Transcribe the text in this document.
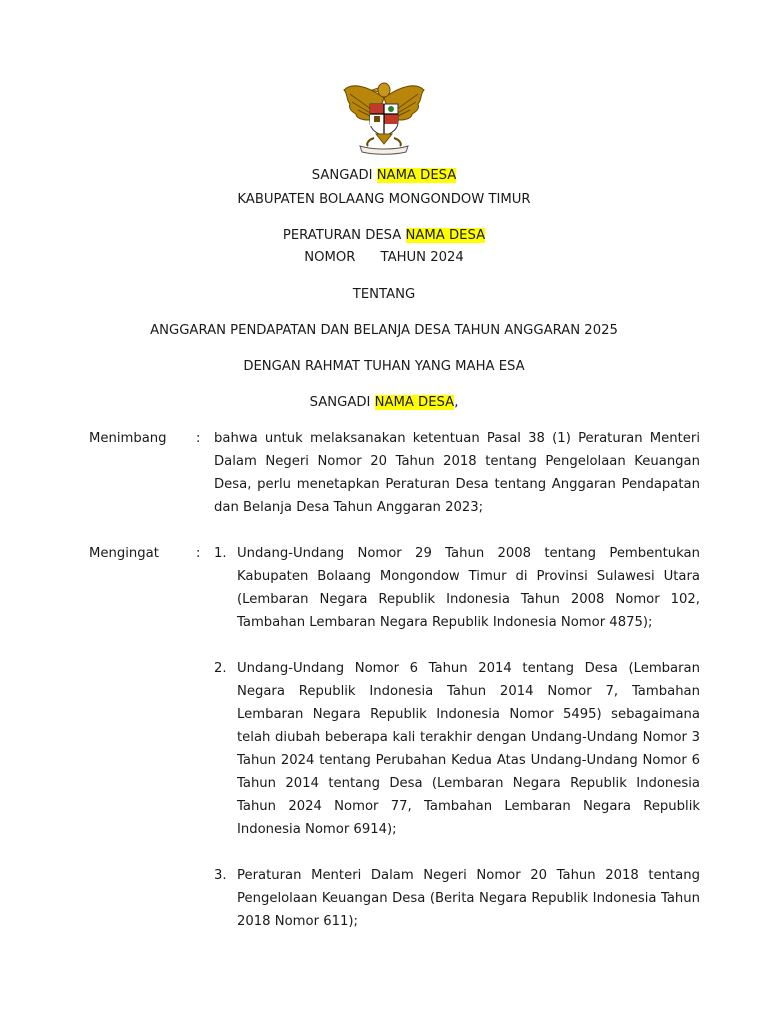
SANGADI NAMA DESA
KABUPATEN BOLAANG MONGONDOW TIMUR
PERATURAN DESA NAMA DESA
NOMOR      TAHUN 2024
TENTANG
ANGGARAN PENDAPATAN DAN BELANJA DESA TAHUN ANGGARAN 2025
DENGAN RAHMAT TUHAN YANG MAHA ESA
SANGADI NAMA DESA,
Menimbang : bahwa untuk melaksanakan ketentuan Pasal 38 (1) Peraturan Menteri Dalam Negeri Nomor 20 Tahun 2018 tentang Pengelolaan Keuangan Desa, perlu menetapkan Peraturan Desa tentang Anggaran Pendapatan dan Belanja Desa Tahun Anggaran 2023;
Mengingat	: 1. Undang-Undang Nomor 29 Tahun 2008 tentang Pembentukan Kabupaten Bolaang Mongondow Timur di Provinsi Sulawesi Utara (Lembaran Negara Republik Indonesia Tahun 2008 Nomor 102, Tambahan Lembaran Negara Republik Indonesia Nomor 4875);
2. Undang-Undang Nomor 6 Tahun 2014 tentang Desa (Lembaran Negara Republik Indonesia Tahun 2014 Nomor 7, Tambahan Lembaran Negara Republik Indonesia Nomor 5495) sebagaimana telah diubah beberapa kali terakhir dengan Undang-Undang Nomor 3 Tahun 2024 tentang Perubahan Kedua Atas Undang-Undang Nomor 6 Tahun 2014 tentang Desa (Lembaran Negara Republik Indonesia Tahun 2024 Nomor 77, Tambahan Lembaran Negara Republik Indonesia Nomor 6914);
3. Peraturan Menteri Dalam Negeri Nomor 20 Tahun 2018 tentang Pengelolaan Keuangan Desa (Berita Negara Republik Indonesia Tahun 2018 Nomor 611);
